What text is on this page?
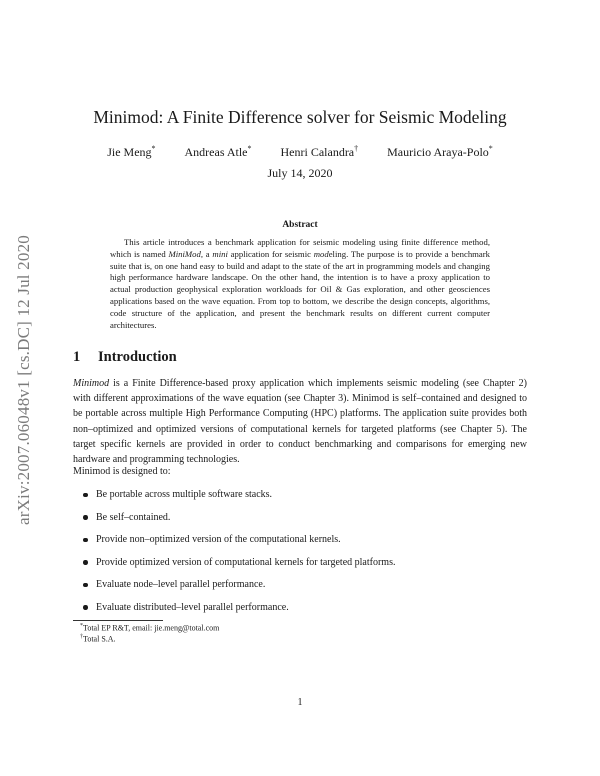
arXiv:2007.06048v1 [cs.DC] 12 Jul 2020
Minimod: A Finite Difference solver for Seismic Modeling
Jie Meng* Andreas Atle* Henri Calandra† Mauricio Araya-Polo*
July 14, 2020
Abstract
This article introduces a benchmark application for seismic modeling using finite difference method, which is named MiniMod, a mini application for seismic modeling. The purpose is to provide a benchmark suite that is, on one hand easy to build and adapt to the state of the art in programming models and changing high performance hardware landscape. On the other hand, the intention is to have a proxy application to actual production geophysical exploration workloads for Oil & Gas exploration, and other geosciences applications based on the wave equation. From top to bottom, we describe the design concepts, algorithms, code structure of the application, and present the benchmark results on different current computer architectures.
1 Introduction
Minimod is a Finite Difference-based proxy application which implements seismic modeling (see Chapter 2) with different approximations of the wave equation (see Chapter 3). Minimod is self–contained and designed to be portable across multiple High Performance Computing (HPC) platforms. The application suite provides both non–optimized and optimized versions of computational kernels for targeted platforms (see Chapter 5). The target specific kernels are provided in order to conduct benchmarking and comparisons for emerging new hardware and programming technologies.
Minimod is designed to:
Be portable across multiple software stacks.
Be self–contained.
Provide non–optimized version of the computational kernels.
Provide optimized version of computational kernels for targeted platforms.
Evaluate node–level parallel performance.
Evaluate distributed–level parallel performance.
*Total EP R&T, email: jie.meng@total.com
†Total S.A.
1
